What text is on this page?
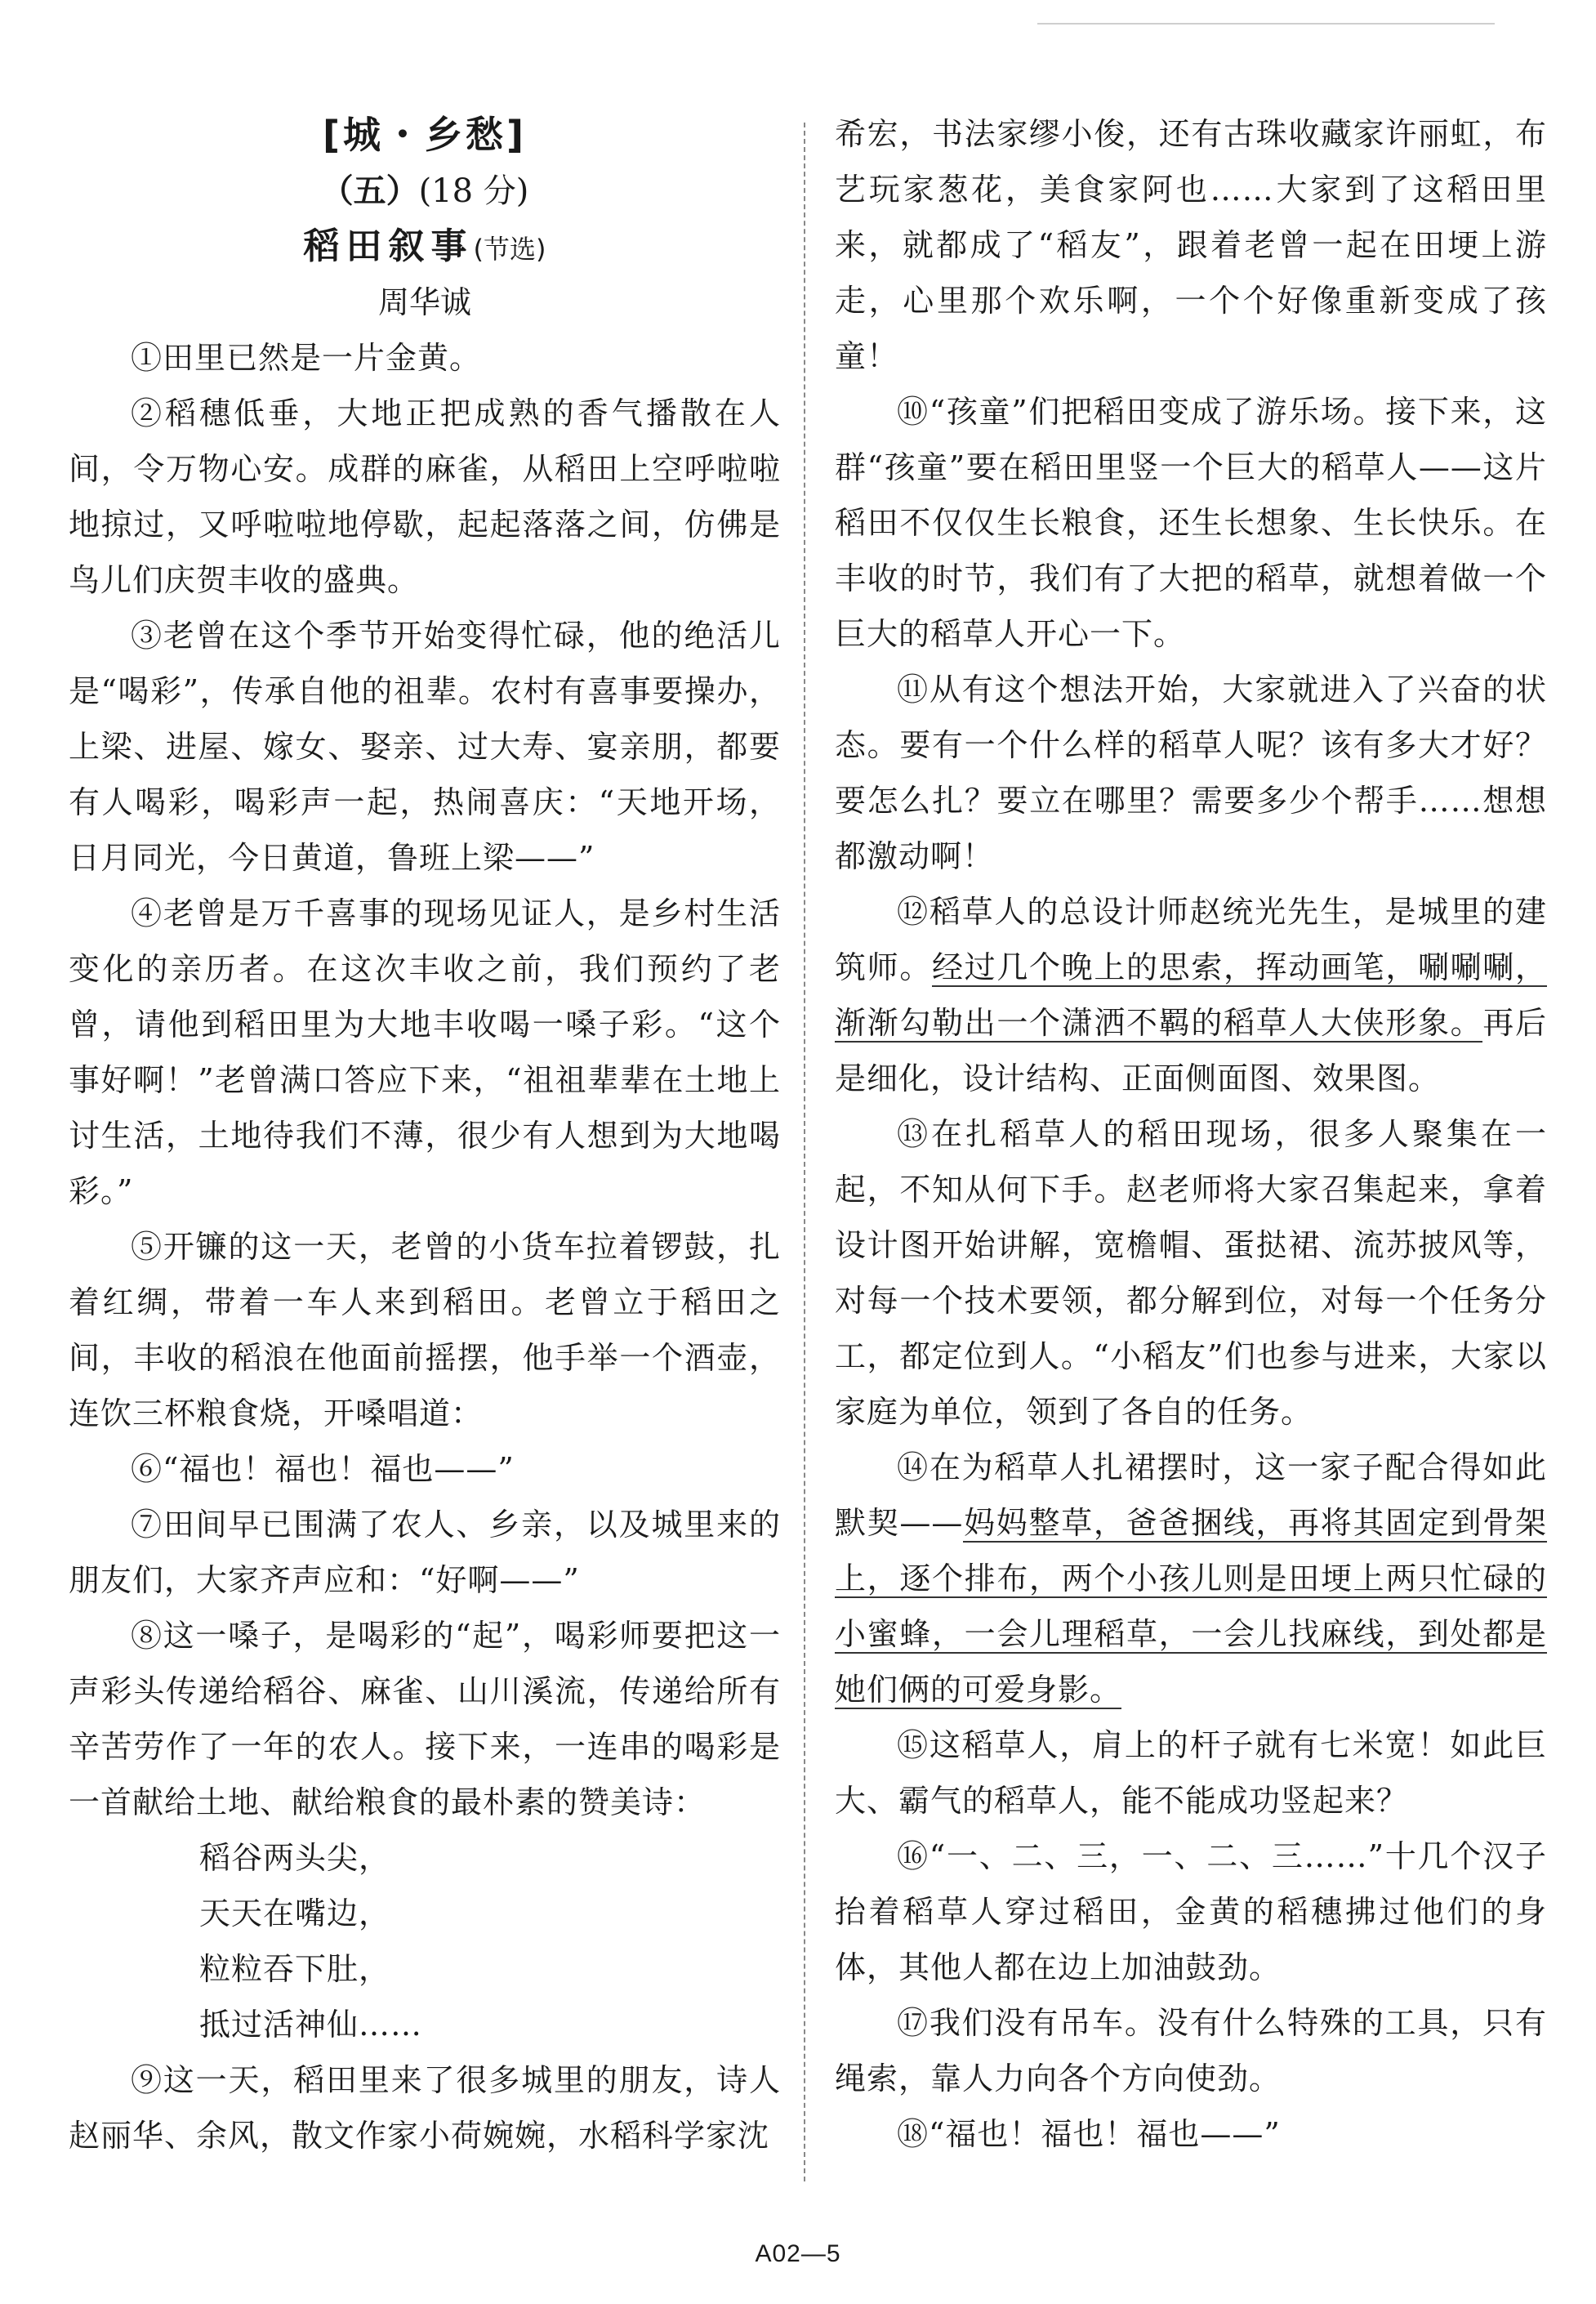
[城・乡愁]
（五）(18 分)
稻田叙事(节选)
周华诚

①田里已然是一片金黄。

②稻穗低垂，大地正把成熟的香气播散在人间，令万物心安。成群的麻雀，从稻田上空呼啦啦地掠过，又呼啦啦地停歇，起起落落之间，仿佛是鸟儿们庆贺丰收的盛典。

③老曾在这个季节开始变得忙碌，他的绝活儿是“喝彩”，传承自他的祖辈。农村有喜事要操办，上梁、进屋、嫁女、娶亲、过大寿、宴亲朋，都要有人喝彩，喝彩声一起，热闹喜庆：“天地开场，日月同光，今日黄道，鲁班上梁——”

④老曾是万千喜事的现场见证人，是乡村生活变化的亲历者。在这次丰收之前，我们预约了老曾，请他到稻田里为大地丰收喝一嗓子彩。“这个事好啊！”老曾满口答应下来，“祖祖辈辈在土地上讨生活，土地待我们不薄，很少有人想到为大地喝彩。”

⑤开镰的这一天，老曾的小货车拉着锣鼓，扎着红绸，带着一车人来到稻田。老曾立于稻田之间，丰收的稻浪在他面前摇摆，他手举一个酒壶，连饮三杯粮食烧，开嗓唱道：

⑥“福也！福也！福也——”

⑦田间早已围满了农人、乡亲，以及城里来的朋友们，大家齐声应和：“好啊——”

⑧这一嗓子，是喝彩的“起”，喝彩师要把这一声彩头传递给稻谷、麻雀、山川溪流，传递给所有辛苦劳作了一年的农人。接下来，一连串的喝彩是一首献给土地、献给粮食的最朴素的赞美诗：

稻谷两头尖，

天天在嘴边，

粒粒吞下肚，

抵过活神仙……

⑨这一天，稻田里来了很多城里的朋友，诗人赵丽华、余风，散文作家小荷婉婉，水稻科学家沈

希宏，书法家缪小俊，还有古珠收藏家许丽虹，布艺玩家葱花，美食家阿也……大家到了这稻田里来，就都成了“稻友”，跟着老曾一起在田埂上游走，心里那个欢乐啊，一个个好像重新变成了孩童！

⑩“孩童”们把稻田变成了游乐场。接下来，这群“孩童”要在稻田里竖一个巨大的稻草人——这片稻田不仅仅生长粮食，还生长想象、生长快乐。在丰收的时节，我们有了大把的稻草，就想着做一个巨大的稻草人开心一下。

⑪从有这个想法开始，大家就进入了兴奋的状态。要有一个什么样的稻草人呢？该有多大才好？要怎么扎？要立在哪里？需要多少个帮手……想想都激动啊！

⑫稻草人的总设计师赵统光先生，是城里的建筑师。经过几个晚上的思索，挥动画笔，唰唰唰，渐渐勾勒出一个潇洒不羁的稻草人大侠形象。再后是细化，设计结构、正面侧面图、效果图。

⑬在扎稻草人的稻田现场，很多人聚集在一起，不知从何下手。赵老师将大家召集起来，拿着设计图开始讲解，宽檐帽、蛋挞裙、流苏披风等，对每一个技术要领，都分解到位，对每一个任务分工，都定位到人。“小稻友”们也参与进来，大家以家庭为单位，领到了各自的任务。

⑭在为稻草人扎裙摆时，这一家子配合得如此默契——妈妈整草，爸爸捆线，再将其固定到骨架上，逐个排布，两个小孩儿则是田埂上两只忙碌的小蜜蜂，一会儿理稻草，一会儿找麻线，到处都是她们俩的可爱身影。

⑮这稻草人，肩上的杆子就有七米宽！如此巨大、霸气的稻草人，能不能成功竖起来？

⑯“一、二、三，一、二、三……”十几个汉子抬着稻草人穿过稻田，金黄的稻穗拂过他们的身体，其他人都在边上加油鼓劲。

⑰我们没有吊车。没有什么特殊的工具，只有绳索，靠人力向各个方向使劲。

⑱“福也！福也！福也——”

A02—5
